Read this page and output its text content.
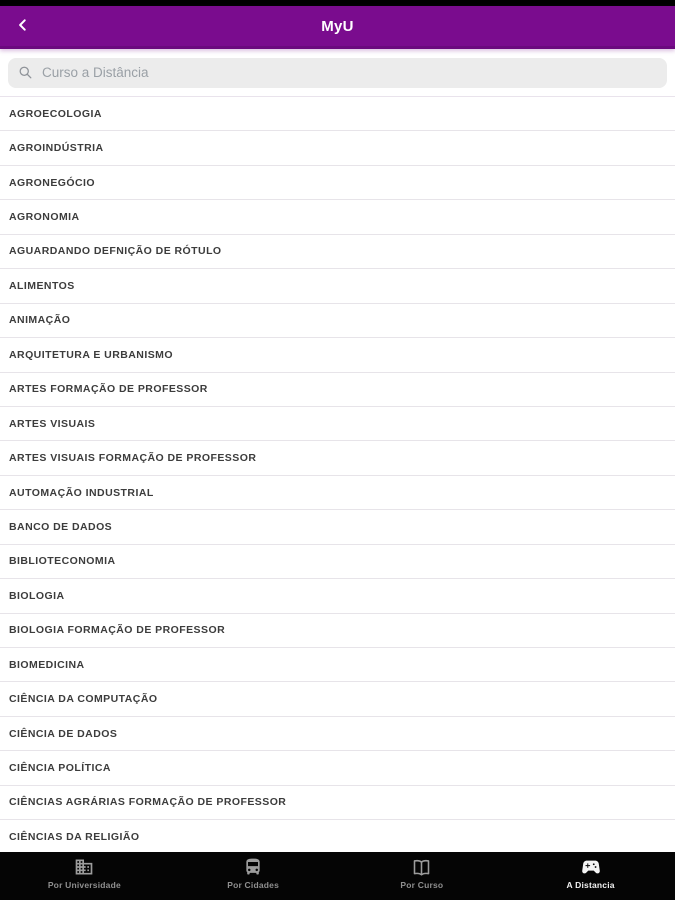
MyU
Curso a Distância
AGROECOLOGIA
AGROINDÚSTRIA
AGRONEGÓCIO
AGRONOMIA
AGUARDANDO DEFNIÇÃO DE RÓTULO
ALIMENTOS
ANIMAÇÃO
ARQUITETURA E URBANISMO
ARTES FORMAÇÃO DE PROFESSOR
ARTES VISUAIS
ARTES VISUAIS FORMAÇÃO DE PROFESSOR
AUTOMAÇÃO INDUSTRIAL
BANCO DE DADOS
BIBLIOTECONOMIA
BIOLOGIA
BIOLOGIA FORMAÇÃO DE PROFESSOR
BIOMEDICINA
CIÊNCIA DA COMPUTAÇÃO
CIÊNCIA DE DADOS
CIÊNCIA POLÍTICA
CIÊNCIAS AGRÁRIAS FORMAÇÃO DE PROFESSOR
CIÊNCIAS DA RELIGIÃO
Por Universidade	Por Cidades	Por Curso	A Distancia
